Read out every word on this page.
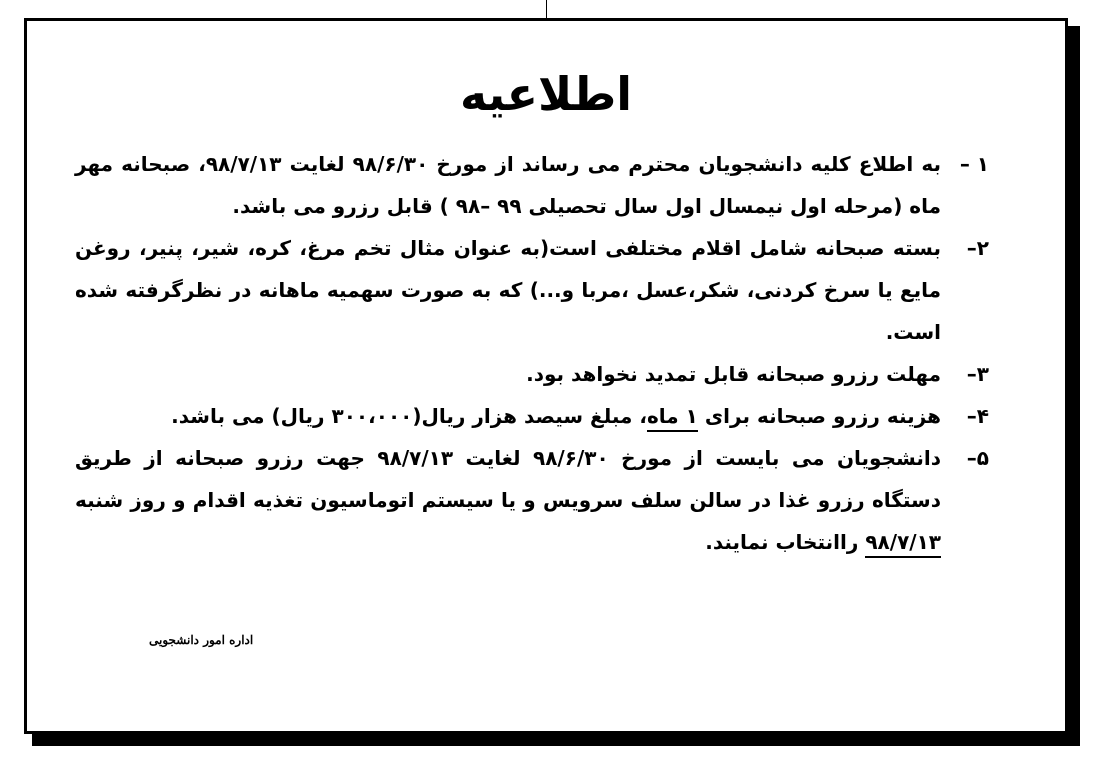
اطلاعیه

۱ –
به اطلاع کلیه دانشجویان محترم می رساند از مورخ ۹۸/۶/۳۰ لغایت ۹۸/۷/۱۳، صبحانه مهر ماه (مرحله اول نیمسال اول سال تحصیلی ۹۹ –۹۸ ) قابل رزرو می باشد.

۲–
بسته صبحانه شامل اقلام مختلفی است(به عنوان مثال تخم مرغ، کره، شیر، پنیر، روغن مایع یا سرخ کردنی، شکر،عسل ،مربا و...) که به صورت سهمیه ماهانه در نظرگرفته شده است.

۳–
مهلت رزرو صبحانه قابل تمدید نخواهد بود.

۴–
هزینه رزرو صبحانه برای ۱ ماه، مبلغ سیصد هزار ریال(۳۰۰،۰۰۰ ریال) می باشد.

۵–
دانشجویان می بایست از مورخ ۹۸/۶/۳۰ لغایت ۹۸/۷/۱۳ جهت رزرو صبحانه از طریق دستگاه رزرو غذا در سالن سلف سرویس و یا سیستم اتوماسیون تغذیه اقدام و روز شنبه ۹۸/۷/۱۳ راانتخاب نمایند.

اداره امور دانشجویی
